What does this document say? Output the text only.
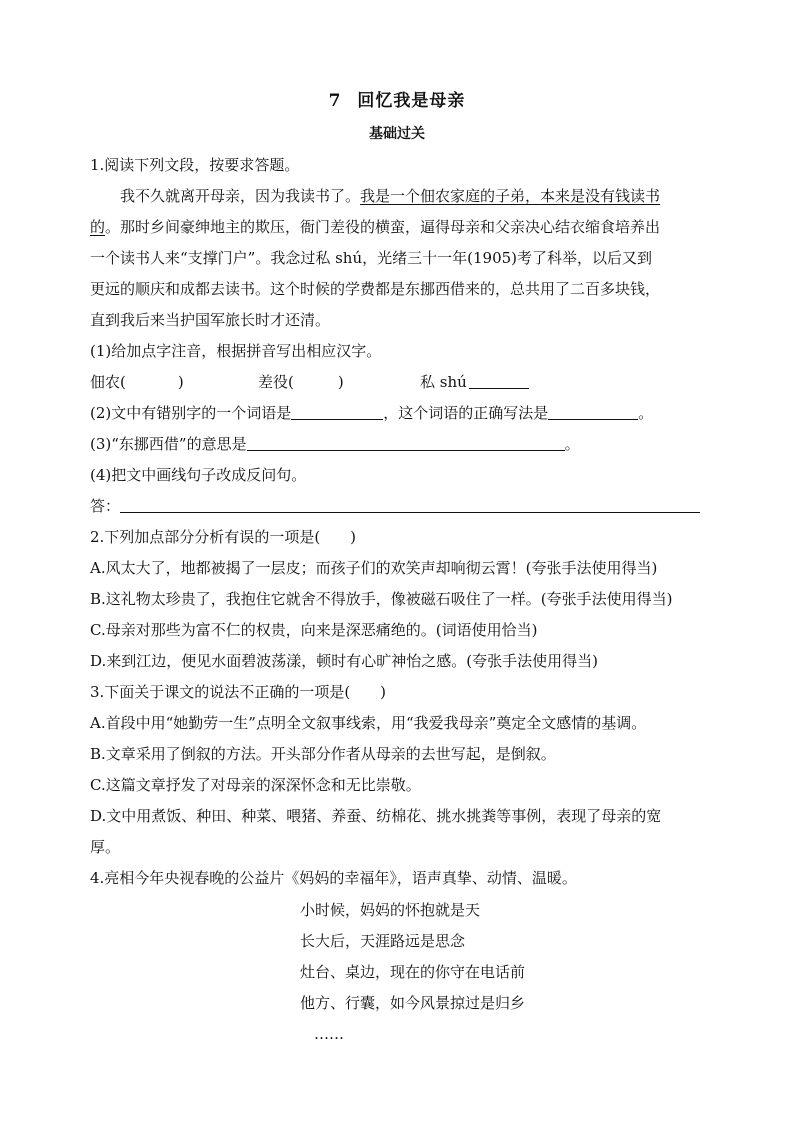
7 回忆我是母亲
基础过关
1.阅读下列文段，按要求答题。
我不久就离开母亲，因为我读书了。我是一个佃农家庭的子弟，本来是没有钱读书
的。那时乡间豪绅地主的欺压，衙门差役的横蛮，逼得母亲和父亲决心结衣缩食培养出
一个读书人来“支撑门户”。我念过私 shú，光绪三十一年(1905)考了科举，以后又到
更远的顺庆和成都去读书。这个时候的学费都是东挪西借来的，总共用了二百多块钱，
直到我后来当护国军旅长时才还清。
(1)给加点字注音，根据拼音写出相应汉字。
佃农(	)	差役(	)	私 shú
(2)文中有错别字的一个词语是	，这个词语的正确写法是	。
(3)“东挪西借”的意思是	。
(4)把文中画线句子改成反问句。
答：
2.下列加点部分分析有误的一项是(　　)
A.风太大了，地都被揭了一层皮；而孩子们的欢笑声却响彻云霄！(夸张手法使用得当)
B.这礼物太珍贵了，我抱住它就舍不得放手，像被磁石吸住了一样。(夸张手法使用得当)
C.母亲对那些为富不仁的权贵，向来是深恶痛绝的。(词语使用恰当)
D.来到江边，便见水面碧波荡漾，顿时有心旷神怡之感。(夸张手法使用得当)
3.下面关于课文的说法不正确的一项是(　　)
A.首段中用“她勤劳一生”点明全文叙事线索，用“我爱我母亲”奠定全文感情的基调。
B.文章采用了倒叙的方法。开头部分作者从母亲的去世写起，是倒叙。
C.这篇文章抒发了对母亲的深深怀念和无比崇敬。
D.文中用煮饭、种田、种菜、喂猪、养蚕、纺棉花、挑水挑粪等事例，表现了母亲的宽
厚。
4.亮相今年央视春晚的公益片《妈妈的幸福年》，语声真挚、动情、温暖。
小时候，妈妈的怀抱就是天
长大后，天涯路远是思念
灶台、桌边，现在的你守在电话前
他方、行囊，如今风景掠过是归乡
……
